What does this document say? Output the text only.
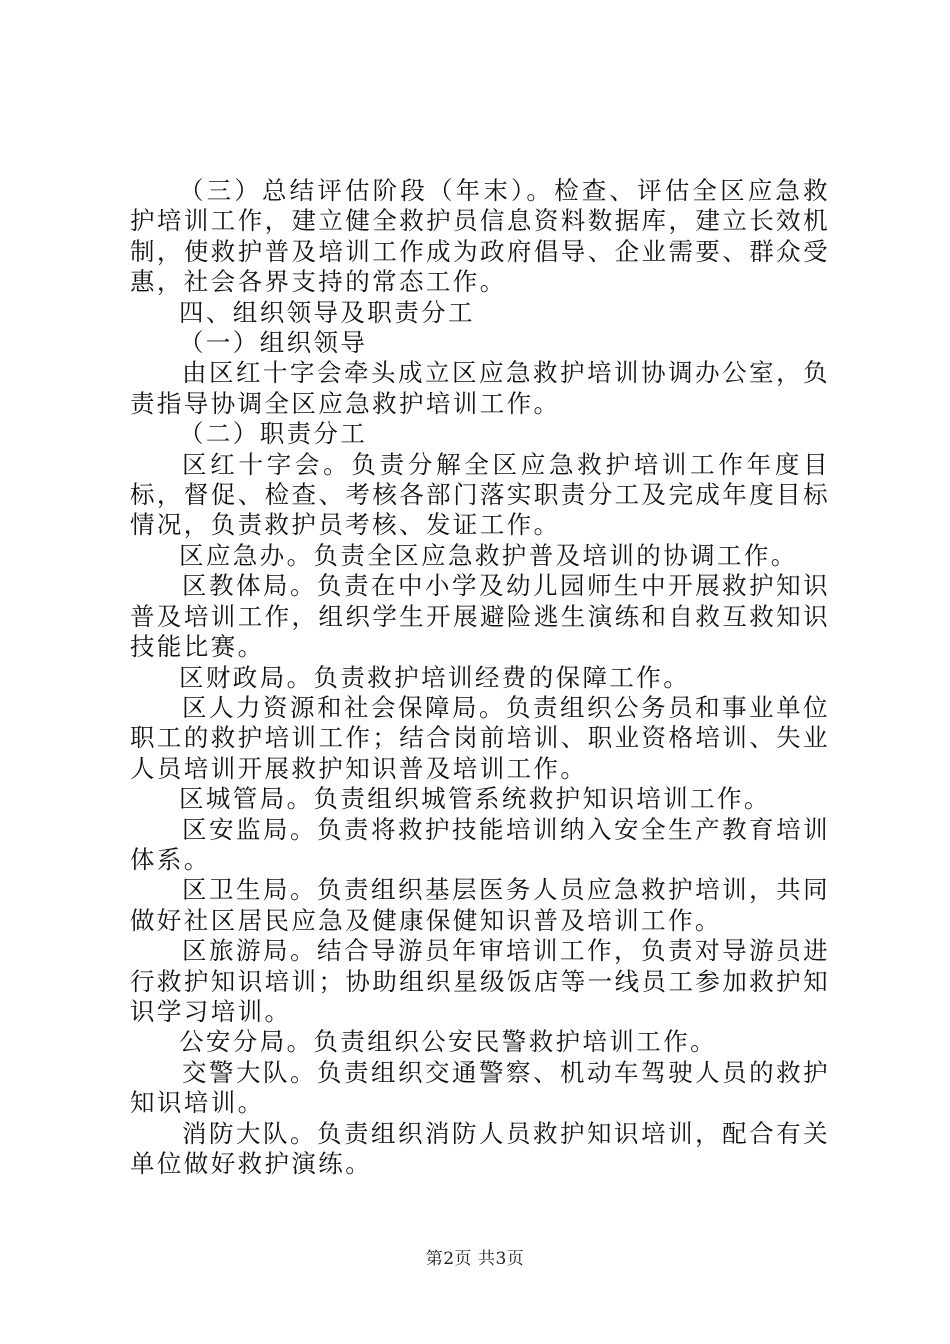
（三）总结评估阶段（年末）。检查、评估全区应急救护培训工作，建立健全救护员信息资料数据库，建立长效机制，使救护普及培训工作成为政府倡导、企业需要、群众受惠，社会各界支持的常态工作。

四、组织领导及职责分工

（一）组织领导

由区红十字会牵头成立区应急救护培训协调办公室，负责指导协调全区应急救护培训工作。

（二）职责分工

区红十字会。负责分解全区应急救护培训工作年度目标，督促、检查、考核各部门落实职责分工及完成年度目标情况，负责救护员考核、发证工作。

区应急办。负责全区应急救护普及培训的协调工作。

区教体局。负责在中小学及幼儿园师生中开展救护知识普及培训工作，组织学生开展避险逃生演练和自救互救知识技能比赛。

区财政局。负责救护培训经费的保障工作。

区人力资源和社会保障局。负责组织公务员和事业单位职工的救护培训工作；结合岗前培训、职业资格培训、失业人员培训开展救护知识普及培训工作。

区城管局。负责组织城管系统救护知识培训工作。

区安监局。负责将救护技能培训纳入安全生产教育培训体系。

区卫生局。负责组织基层医务人员应急救护培训，共同做好社区居民应急及健康保健知识普及培训工作。

区旅游局。结合导游员年审培训工作，负责对导游员进行救护知识培训；协助组织星级饭店等一线员工参加救护知识学习培训。

公安分局。负责组织公安民警救护培训工作。

交警大队。负责组织交通警察、机动车驾驶人员的救护知识培训。

消防大队。负责组织消防人员救护知识培训，配合有关单位做好救护演练。

第2页 共3页
